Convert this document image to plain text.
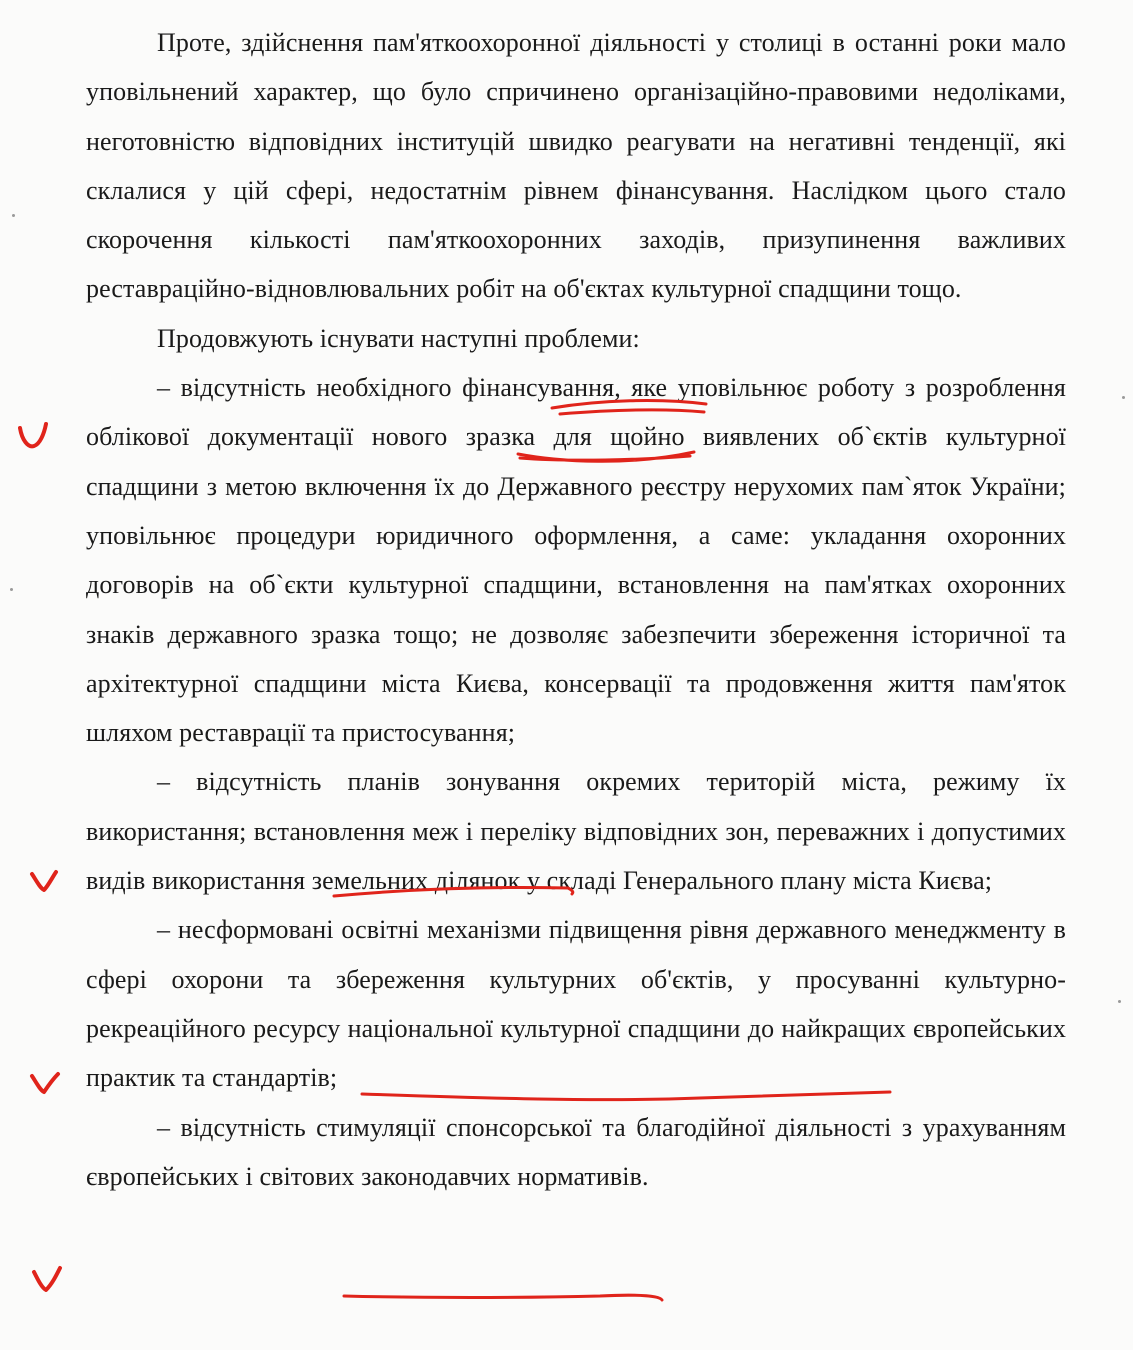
Проте, здійснення пам'яткоохоронної діяльності у столиці в останні роки мало уповільнений характер, що було спричинено організаційно-правовими недоліками, неготовністю відповідних інституцій швидко реагувати на негативні тенденції, які склалися у цій сфері, недостатнім рівнем фінансування. Наслідком цього стало скорочення кількості пам'яткоохоронних заходів, призупинення важливих реставраційно-відновлювальних робіт на об'єктах культурної спадщини тощо.

Продовжують існувати наступні проблеми:

– відсутність необхідного фінансування, яке уповільнює роботу з розроблення облікової документації нового зразка для щойно виявлених об`єктів культурної спадщини з метою включення їх до Державного реєстру нерухомих пам`яток України; уповільнює процедури юридичного оформлення, а саме: укладання охоронних договорів на об`єкти культурної спадщини, встановлення на пам'ятках охоронних знаків державного зразка тощо; не дозволяє забезпечити збереження історичної та архітектурної спадщини міста Києва, консервації та продовження життя пам'яток шляхом реставрації та пристосування;

– відсутність планів зонування окремих територій міста, режиму їх використання; встановлення меж і переліку відповідних зон, переважних і допустимих видів використання земельних ділянок у складі Генерального плану міста Києва;

– несформовані освітні механізми підвищення рівня державного менеджменту в сфері охорони та збереження культурних об'єктів, у просуванні культурно-рекреаційного ресурсу національної культурної спадщини до найкращих європейських практик та стандартів;

– відсутність стимуляції спонсорської та благодійної діяльності з урахуванням європейських і світових законодавчих нормативів.
